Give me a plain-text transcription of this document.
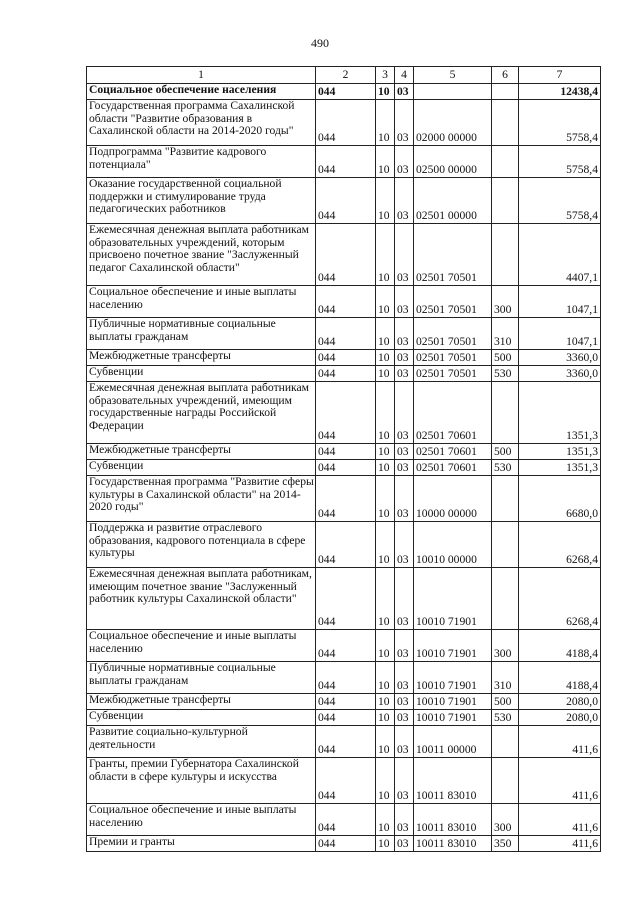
490
1	2	3	4	5	6	7
Социальное обеспечение населения	044	10	03			12438,4
Государственная программа Сахалинской области "Развитие образования в Сахалинской области на 2014-2020 годы"	044	10	03	02000 00000		5758,4
Подпрограмма "Развитие кадрового потенциала"	044	10	03	02500 00000		5758,4
Оказание государственной социальной поддержки и стимулирование труда педагогических работников	044	10	03	02501 00000		5758,4
Ежемесячная денежная выплата работникам образовательных учреждений, которым присвоено почетное звание "Заслуженный педагог Сахалинской области"	044	10	03	02501 70501		4407,1
Социальное обеспечение и иные выплаты населению	044	10	03	02501 70501	300	1047,1
Публичные нормативные социальные выплаты гражданам	044	10	03	02501 70501	310	1047,1
Межбюджетные трансферты	044	10	03	02501 70501	500	3360,0
Субвенции	044	10	03	02501 70501	530	3360,0
Ежемесячная денежная выплата работникам образовательных учреждений, имеющим государственные награды Российской Федерации	044	10	03	02501 70601		1351,3
Межбюджетные трансферты	044	10	03	02501 70601	500	1351,3
Субвенции	044	10	03	02501 70601	530	1351,3
Государственная программа "Развитие сферы культуры в Сахалинской области" на 2014-2020 годы"	044	10	03	10000 00000		6680,0
Поддержка и развитие отраслевого образования, кадрового потенциала в сфере культуры	044	10	03	10010 00000		6268,4
Ежемесячная денежная выплата работникам, имеющим почетное звание "Заслуженный работник культуры Сахалинской области"	044	10	03	10010 71901		6268,4
Социальное обеспечение и иные выплаты населению	044	10	03	10010 71901	300	4188,4
Публичные нормативные социальные выплаты гражданам	044	10	03	10010 71901	310	4188,4
Межбюджетные трансферты	044	10	03	10010 71901	500	2080,0
Субвенции	044	10	03	10010 71901	530	2080,0
Развитие социально-культурной деятельности	044	10	03	10011 00000		411,6
Гранты, премии Губернатора Сахалинской области в сфере культуры и искусства	044	10	03	10011 83010		411,6
Социальное обеспечение и иные выплаты населению	044	10	03	10011 83010	300	411,6
Премии и гранты	044	10	03	10011 83010	350	411,6
